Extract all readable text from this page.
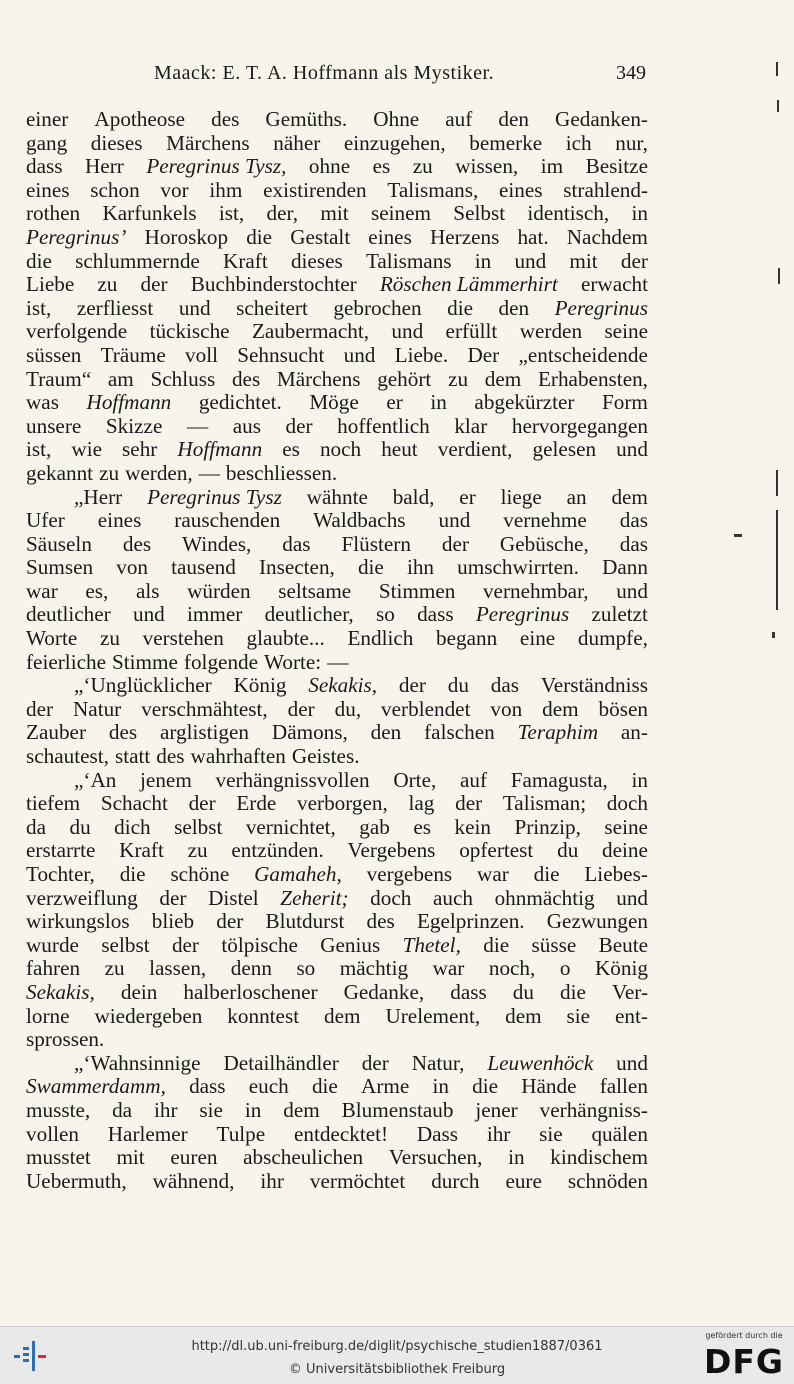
Maack: E. T. A. Hoffmann als Mystiker.	349
einer Apotheose des Gemüths. Ohne auf den Gedanken-
gang dieses Märchens näher einzugehen, bemerke ich nur,
dass Herr Peregrinus Tysz, ohne es zu wissen, im Besitze
eines schon vor ihm existirenden Talismans, eines strahlend-
rothen Karfunkels ist, der, mit seinem Selbst identisch, in
Peregrinus’ Horoskop die Gestalt eines Herzens hat. Nachdem
die schlummernde Kraft dieses Talismans in und mit der
Liebe zu der Buchbinderstochter Röschen Lämmerhirt erwacht
ist, zerfliesst und scheitert gebrochen die den Peregrinus
verfolgende tückische Zaubermacht, und erfüllt werden seine
süssen Träume voll Sehnsucht und Liebe. Der „entscheidende
Traum“ am Schluss des Märchens gehört zu dem Erhabensten,
was Hoffmann gedichtet. Möge er in abgekürzter Form
unsere Skizze — aus der hoffentlich klar hervorgegangen
ist, wie sehr Hoffmann es noch heut verdient, gelesen und
gekannt zu werden, — beschliessen.
„Herr Peregrinus Tysz wähnte bald, er liege an dem
Ufer eines rauschenden Waldbachs und vernehme das
Säuseln des Windes, das Flüstern der Gebüsche, das
Sumsen von tausend Insecten, die ihn umschwirrten. Dann
war es, als würden seltsame Stimmen vernehmbar, und
deutlicher und immer deutlicher, so dass Peregrinus zuletzt
Worte zu verstehen glaubte... Endlich begann eine dumpfe,
feierliche Stimme folgende Worte: —
„‘Unglücklicher König Sekakis, der du das Verständniss
der Natur verschmähtest, der du, verblendet von dem bösen
Zauber des arglistigen Dämons, den falschen Teraphim an-
schautest, statt des wahrhaften Geistes.
„‘An jenem verhängnissvollen Orte, auf Famagusta, in
tiefem Schacht der Erde verborgen, lag der Talisman; doch
da du dich selbst vernichtet, gab es kein Prinzip, seine
erstarrte Kraft zu entzünden. Vergebens opfertest du deine
Tochter, die schöne Gamaheh, vergebens war die Liebes-
verzweiflung der Distel Zeherit; doch auch ohnmächtig und
wirkungslos blieb der Blutdurst des Egelprinzen. Gezwungen
wurde selbst der tölpische Genius Thetel, die süsse Beute
fahren zu lassen, denn so mächtig war noch, o König
Sekakis, dein halberloschener Gedanke, dass du die Ver-
lorne wiedergeben konntest dem Urelement, dem sie ent-
sprossen.
„‘Wahnsinnige Detailhändler der Natur, Leuwenhöck und
Swammerdamm, dass euch die Arme in die Hände fallen
musste, da ihr sie in dem Blumenstaub jener verhängniss-
vollen Harlemer Tulpe entdecktet! Dass ihr sie quälen
musstet mit euren abscheulichen Versuchen, in kindischem
Uebermuth, wähnend, ihr vermöchtet durch eure schnöden
http://dl.ub.uni-freiburg.de/diglit/psychische_studien1887/0361
© Universitätsbibliothek Freiburg
gefördert durch die
DFG
